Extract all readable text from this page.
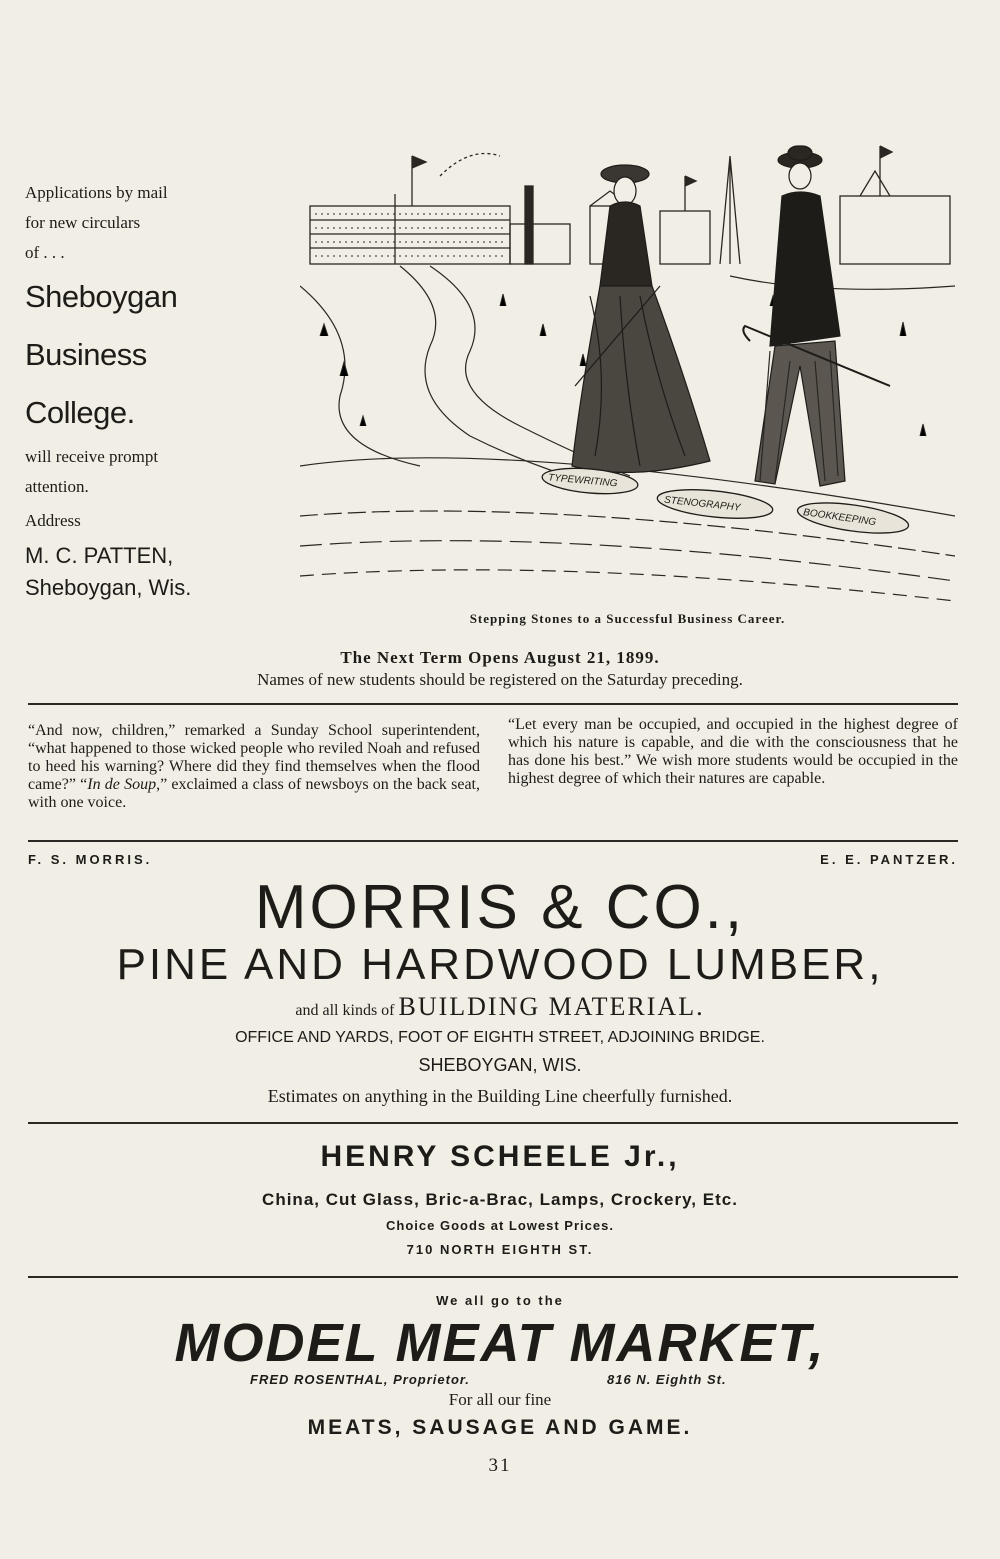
Applications by mail
for new circulars
of . . .
Sheboygan
Business
College.
will receive prompt
attention.
Address
M. C. PATTEN,
Sheboygan, Wis.
TYPEWRITING
STENOGRAPHY
BOOKKEEPING
Stepping Stones to a Successful Business Career.
The Next Term Opens August 21, 1899.
Names of new students should be registered on the Saturday preceding.
“And now, children,” remarked a Sunday School superintendent, “what happened to those wicked people who reviled Noah and refused to heed his warning? Where did they find themselves when the flood came?” “In de Soup,” exclaimed a class of newsboys on the back seat, with one voice.
“Let every man be occupied, and occupied in the highest degree of which his nature is capable, and die with the consciousness that he has done his best.” We wish more students would be occupied in the highest degree of which their natures are capable.
F. S. MORRIS.	E. E. PANTZER.
MORRIS & CO.,
PINE AND HARDWOOD LUMBER,
and all kinds of BUILDING MATERIAL.
OFFICE AND YARDS, FOOT OF EIGHTH STREET, ADJOINING BRIDGE.
SHEBOYGAN, WIS.
Estimates on anything in the Building Line cheerfully furnished.
HENRY SCHEELE Jr.,
China, Cut Glass, Bric-a-Brac, Lamps, Crockery, Etc.
Choice Goods at Lowest Prices.
710 NORTH EIGHTH ST.
We all go to the
MODEL MEAT MARKET,
FRED ROSENTHAL, Proprietor.	816 N. Eighth St.
For all our fine
MEATS, SAUSAGE AND GAME.
31
